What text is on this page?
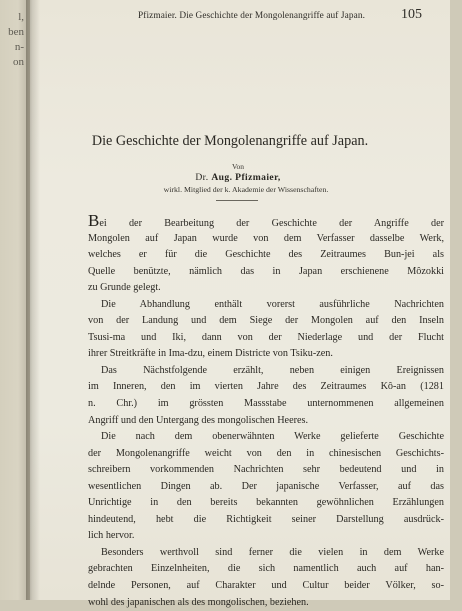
l,
ben
n-
on
Pfizmaier. Die Geschichte der Mongolenangriffe auf Japan.	105
Die Geschichte der Mongolenangriffe auf Japan.
Von
Dr. Aug. Pfizmaier,
wirkl. Mitglied der k. Akademie der Wissenschaften.
Bei der Bearbeitung der Geschichte der Angriffe der
Mongolen auf Japan wurde von dem Verfasser dasselbe Werk,
welches er für die Geschichte des Zeitraumes Bun-jei als
Quelle benützte, nämlich das in Japan erschienene Môzokki
zu Grunde gelegt.
Die Abhandlung enthält vorerst ausführliche Nachrichten
von der Landung und dem Siege der Mongolen auf den Inseln
Tsusi-ma und Iki, dann von der Niederlage und der Flucht
ihrer Streitkräfte in Ima-dzu, einem Districte von Tsiku-zen.
Das Nächstfolgende erzählt, neben einigen Ereignissen
im Inneren, den im vierten Jahre des Zeitraumes Kô-an (1281
n. Chr.) im grössten Massstabe unternommenen allgemeinen
Angriff und den Untergang des mongolischen Heeres.
Die nach dem obenerwähnten Werke gelieferte Geschichte
der Mongolenangriffe weicht von den in chinesischen Geschichts-
schreibern vorkommenden Nachrichten sehr bedeutend und in
wesentlichen Dingen ab. Der japanische Verfasser, auf das
Unrichtige in den bereits bekannten gewöhnlichen Erzählungen
hindeutend, hebt die Richtigkeit seiner Darstellung ausdrück-
lich hervor.
Besonders werthvoll sind ferner die vielen in dem Werke
gebrachten Einzelnheiten, die sich namentlich auch auf han-
delnde Personen, auf Charakter und Cultur beider Völker, so-
wohl des japanischen als des mongolischen, beziehen.
